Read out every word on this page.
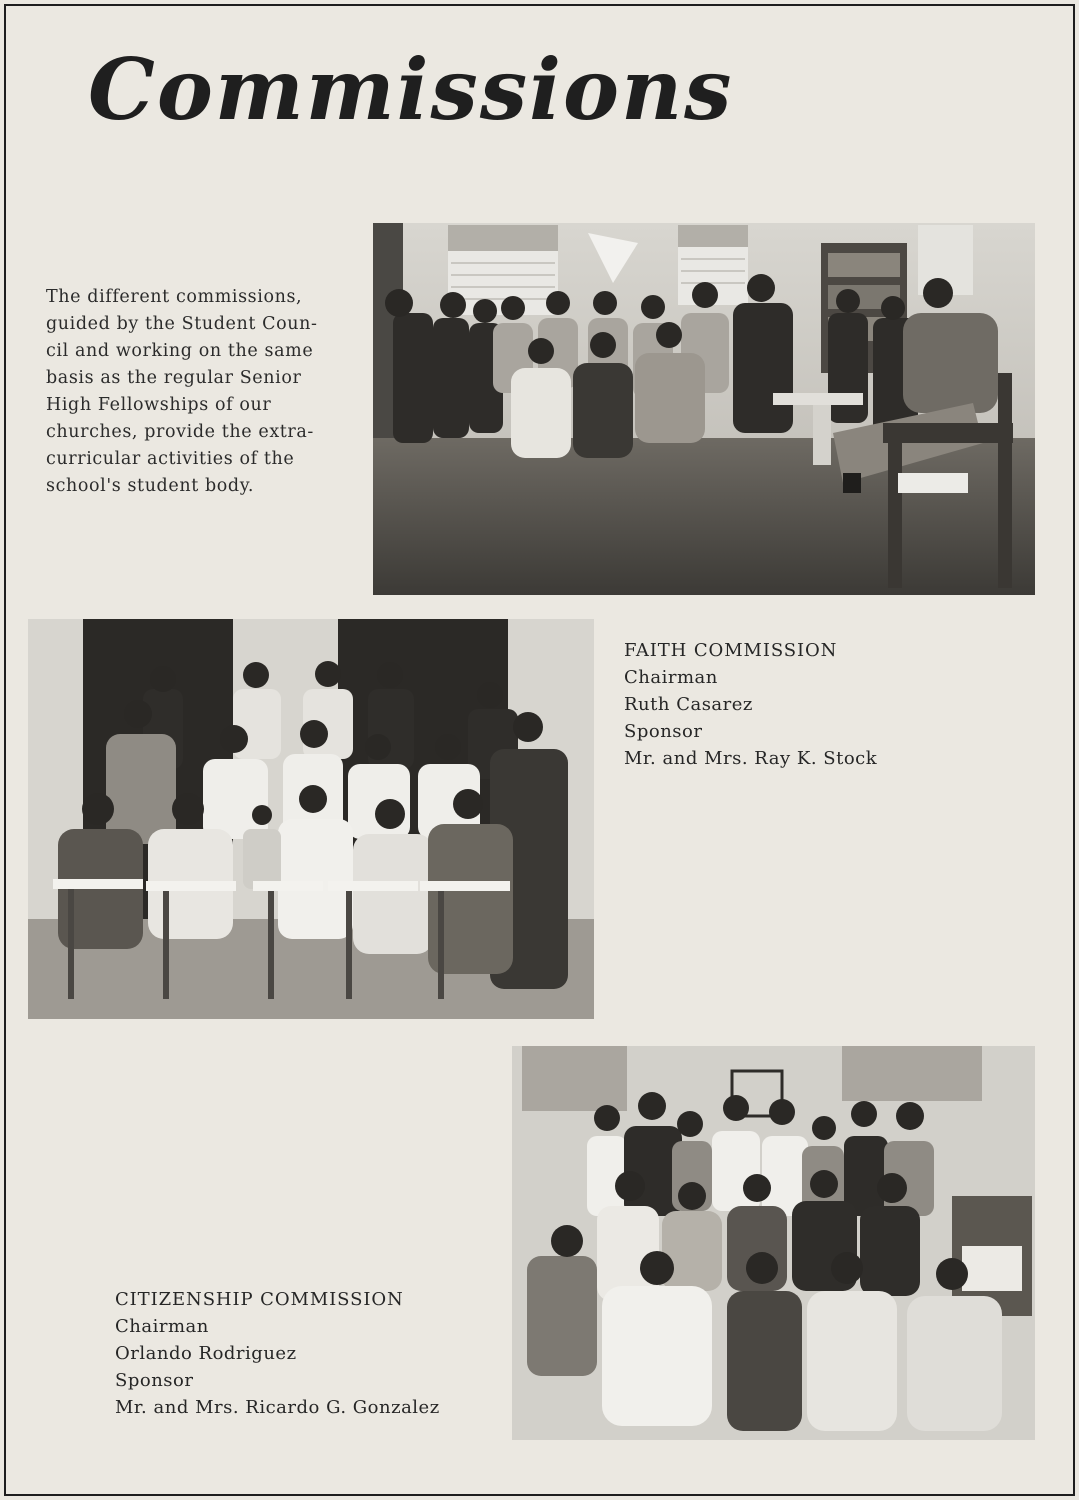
Commissions
The different commissions,
guided by the Student Coun-
cil and working on the same
basis as the regular Senior
High Fellowships of our
churches, provide the extra-
curricular activities of the
school's student body.
FAITH COMMISSION
Chairman
Ruth Casarez
Sponsor
Mr. and Mrs. Ray K. Stock
CITIZENSHIP COMMISSION
Chairman
Orlando Rodriguez
Sponsor
Mr. and Mrs. Ricardo G. Gonzalez
